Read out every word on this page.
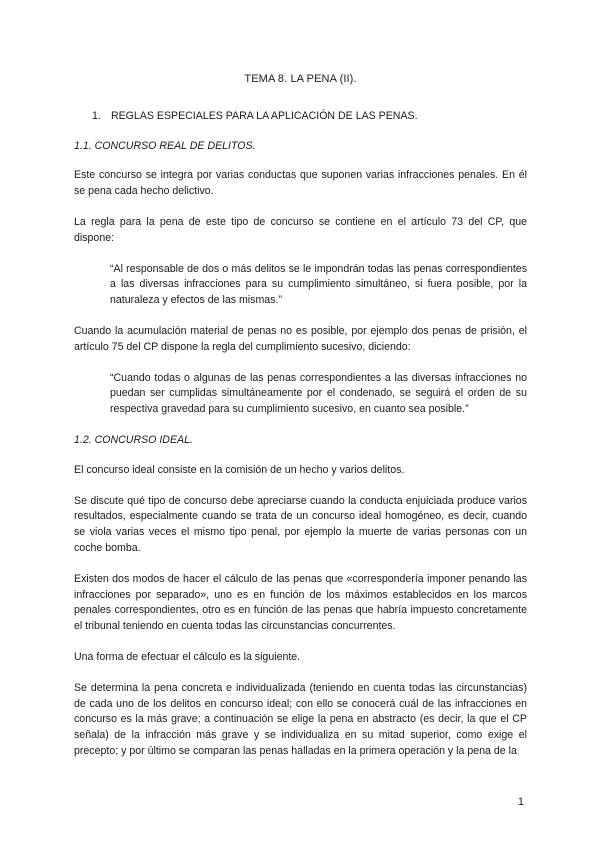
TEMA 8. LA PENA (II).
1. REGLAS ESPECIALES PARA LA APLICACIÓN DE LAS PENAS.
1.1. CONCURSO REAL DE DELITOS.

Este concurso se integra por varias conductas que suponen varias infracciones penales. En él se pena cada hecho delictivo.

La regla para la pena de este tipo de concurso se contiene en el artículo 73 del CP, que dispone:

“Al responsable de dos o más delitos se le impondrán todas las penas correspondientes a las diversas infracciones para su cumplimiento simultáneo, si fuera posible, por la naturaleza y efectos de las mismas.”

Cuando la acumulación material de penas no es posible, por ejemplo dos penas de prisión, el artículo 75 del CP dispone la regla del cumplimiento sucesivo, diciendo:

“Cuando todas o algunas de las penas correspondientes a las diversas infracciones no puedan ser cumplidas simultáneamente por el condenado, se seguirá el orden de su respectiva gravedad para su cumplimiento sucesivo, en cuanto sea posible.”
1.2. CONCURSO IDEAL.

El concurso ideal consiste en la comisión de un hecho y varios delitos.

Se discute qué tipo de concurso debe apreciarse cuando la conducta enjuiciada produce varios resultados, especialmente cuando se trata de un concurso ideal homogéneo, es decir, cuando se viola varias veces el mismo tipo penal, por ejemplo la muerte de varias personas con un coche bomba.

Existen dos modos de hacer el cálculo de las penas que «correspondería imponer penando las infracciones por separado», uno es en función de los máximos establecidos en los marcos penales correspondientes, otro es en función de las penas que habría impuesto concretamente el tribunal teniendo en cuenta todas las circunstancias concurrentes.

Una forma de efectuar el cálculo es la siguiente.

Se determina la pena concreta e individualizada (teniendo en cuenta todas las circunstancias) de cada uno de los delitos en concurso ideal; con ello se conocerá cuál de las infracciones en concurso es la más grave; a continuación se elige la pena en abstracto (es decir, la que el CP señala) de la infracción más grave y se individualiza en su mitad superior, como exige el precepto; y por último se comparan las penas halladas en la primera operación y la pena de la

1
